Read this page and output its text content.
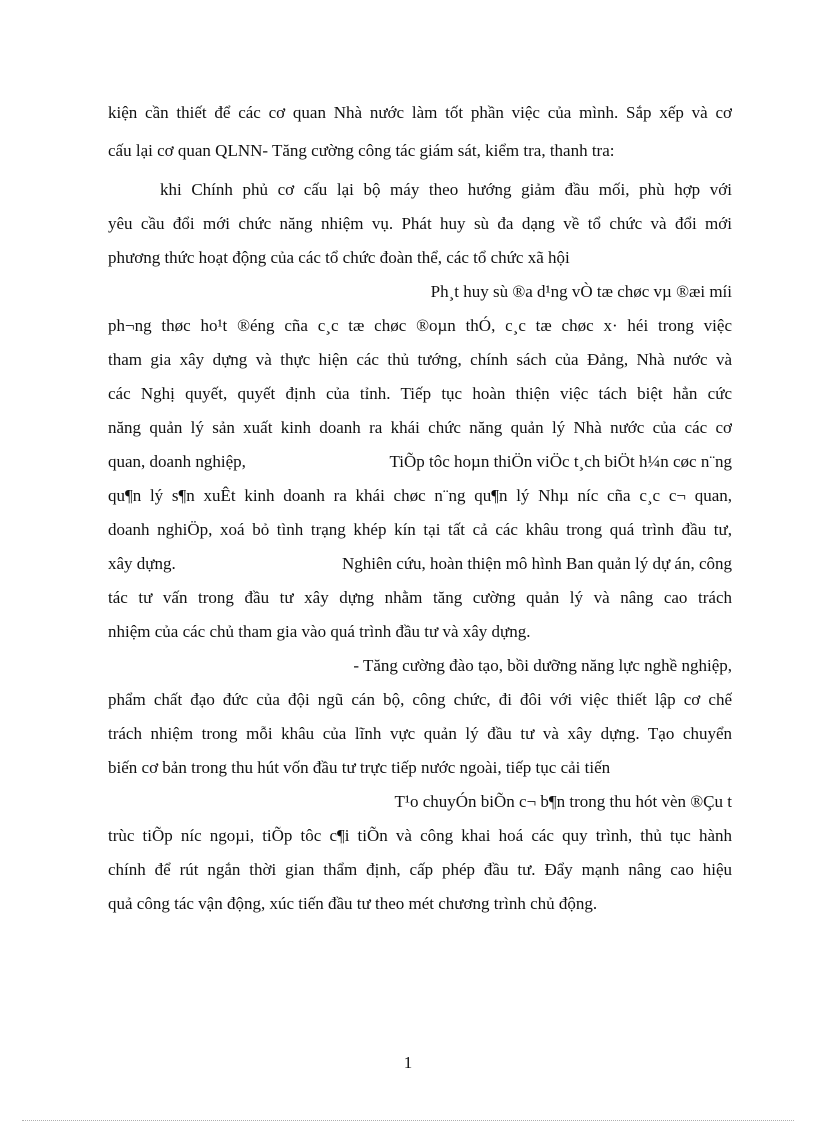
kiện cần thiết để các cơ quan Nhà nước làm tốt phần việc của mình. Sắp xếp và cơ
cấu lại cơ quan QLNN- Tăng cường công tác giám sát, kiểm tra, thanh tra:
khi Chính phủ cơ cấu lại bộ máy theo hướng giảm đầu mối, phù hợp với
yêu cầu đổi mới chức năng nhiệm vụ. Phát huy sù đa dạng về tổ chức và đổi mới
phương thức hoạt động của các tổ chức đoàn thể, các tổ chức xã hội
Ph¸t huy sù ®a d¹ng vÒ tæ chøc vµ ®æi míi
ph¬ng thøc ho¹t ®éng cña c¸c tæ chøc ®oµn thÓ, c¸c tæ chøc x· héi trong việc
tham gia xây dựng và thực hiện các thủ tướng, chính sách của Đảng, Nhà nước và
các Nghị quyết, quyết định của tỉnh. Tiếp tục hoàn thiện việc tách biệt hẳn cức
năng quản lý sản xuất kinh doanh ra khái chức năng quản lý Nhà nước của các cơ
quan, doanh nghiệp,	TiÕp tôc hoµn thiÖn viÖc t¸ch biÖt h¼n cøc n¨ng
qu¶n lý s¶n xuÊt kinh doanh ra khái chøc n¨ng qu¶n lý Nhµ níc cña c¸c c¬ quan,
doanh nghiÖp, xoá bỏ tình trạng khép kín tại tất cả các khâu trong quá trình đầu tư,
xây dựng.	Nghiên cứu, hoàn thiện mô hình Ban quản lý dự án, công
tác tư vấn trong đầu tư xây dựng nhằm tăng cường quản lý và nâng cao trách
nhiệm của các chủ tham gia vào quá trình đầu tư và xây dựng.
- Tăng cường đào tạo, bồi dưỡng năng lực nghề nghiệp,
phẩm chất đạo đức của đội ngũ cán bộ, công chức, đi đôi với việc thiết lập cơ chế
trách nhiệm trong mỗi khâu của lĩnh vực quản lý đầu tư và xây dựng. Tạo chuyển
biến cơ bản trong thu hút vốn đầu tư trực tiếp nước ngoài, tiếp tục cải tiến
T¹o chuyÓn biÕn c¬ b¶n trong thu hót vèn ®Çu t
trùc tiÕp níc ngoµi, tiÕp tôc c¶i tiÕn và công khai hoá các quy trình, thủ tục hành
chính để rút ngắn thời gian thẩm định, cấp phép đầu tư. Đẩy mạnh nâng cao hiệu
quả công tác vận động, xúc tiến đầu tư theo mét chương trình chủ động.
1
